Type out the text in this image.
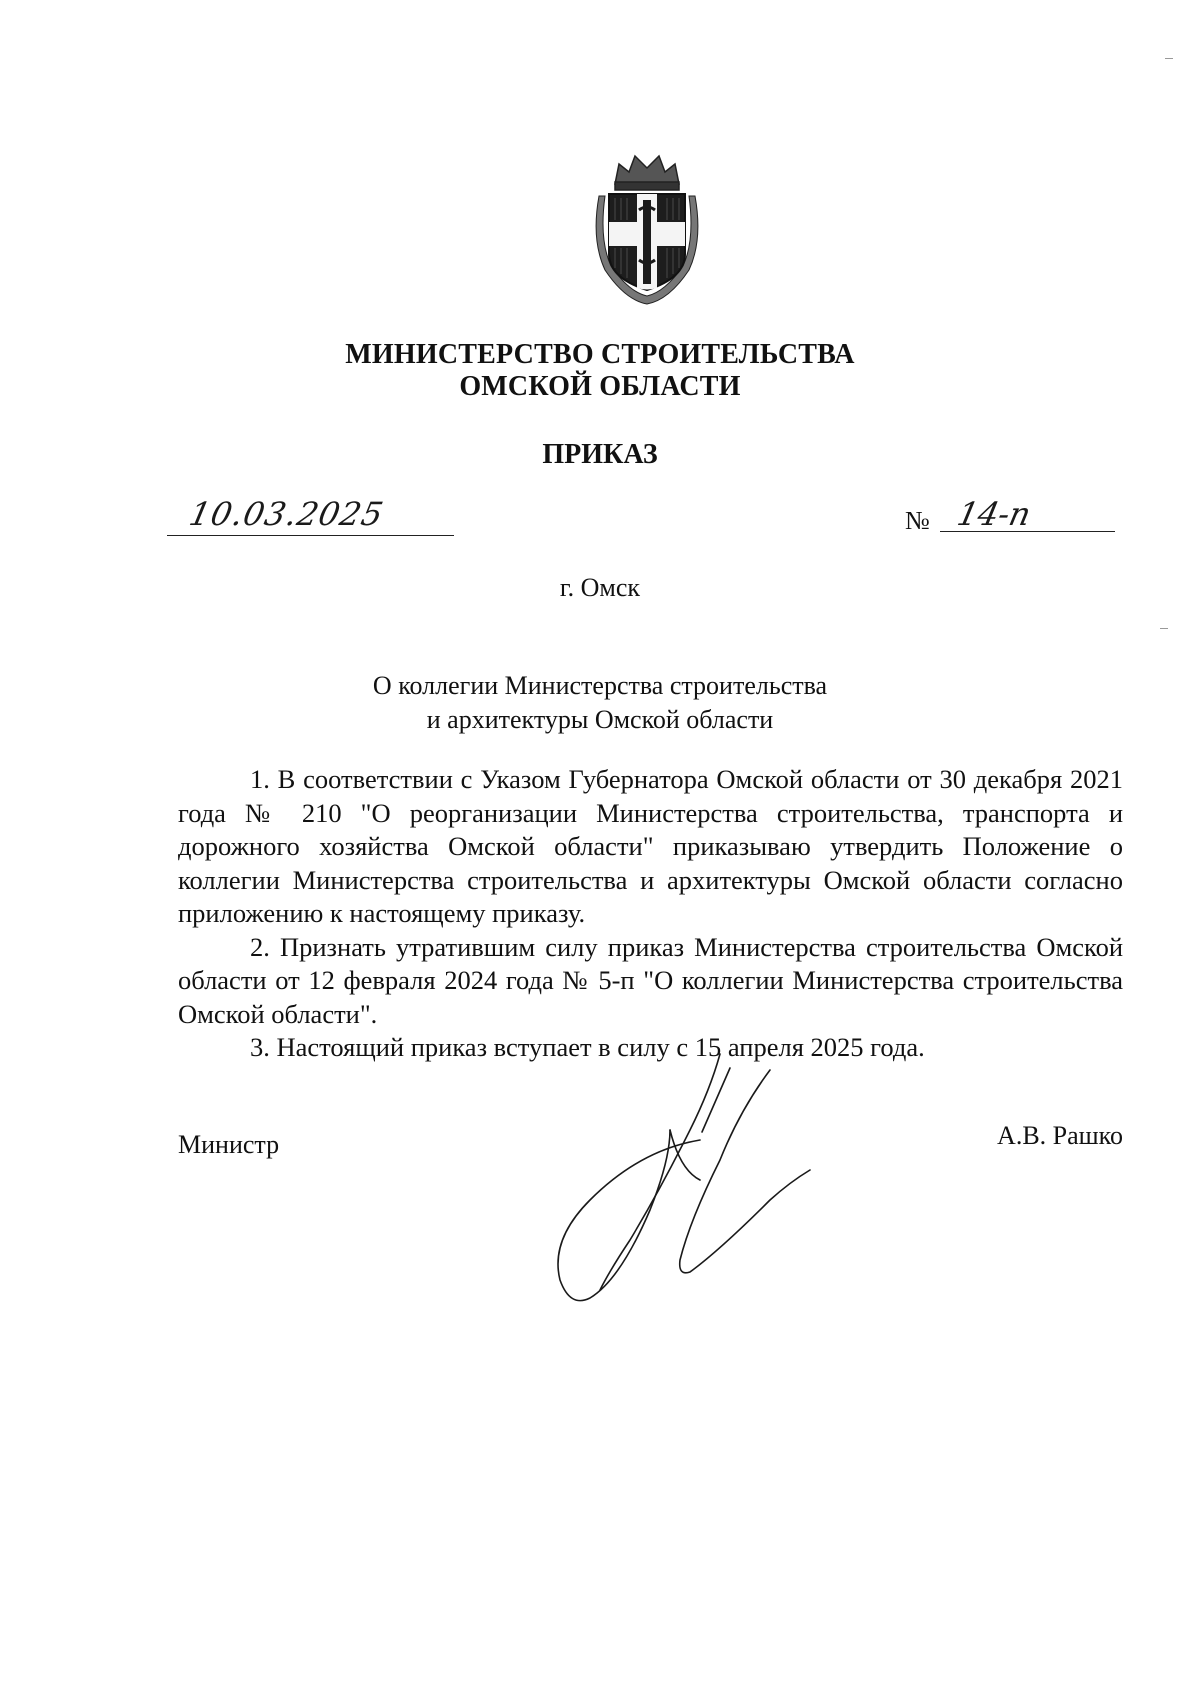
МИНИСТЕРСТВО СТРОИТЕЛЬСТВА
ОМСКОЙ ОБЛАСТИ
ПРИКАЗ
10.03.2025	№ 14-п
г. Омск
О коллегии Министерства строительства
и архитектуры Омской области

1. В соответствии с Указом Губернатора Омской области от 30 декабря 2021 года № 210 "О реорганизации Министерства строительства, транспорта и дорожного хозяйства Омской области" приказываю утвердить Положение о коллегии Министерства строительства и архитектуры Омской области согласно приложению к настоящему приказу.

2. Признать утратившим силу приказ Министерства строительства Омской области от 12 февраля 2024 года № 5-п "О коллегии Министерства строительства Омской области".

3. Настоящий приказ вступает в силу с 15 апреля 2025 года.

Министр	А.В. Рашко
